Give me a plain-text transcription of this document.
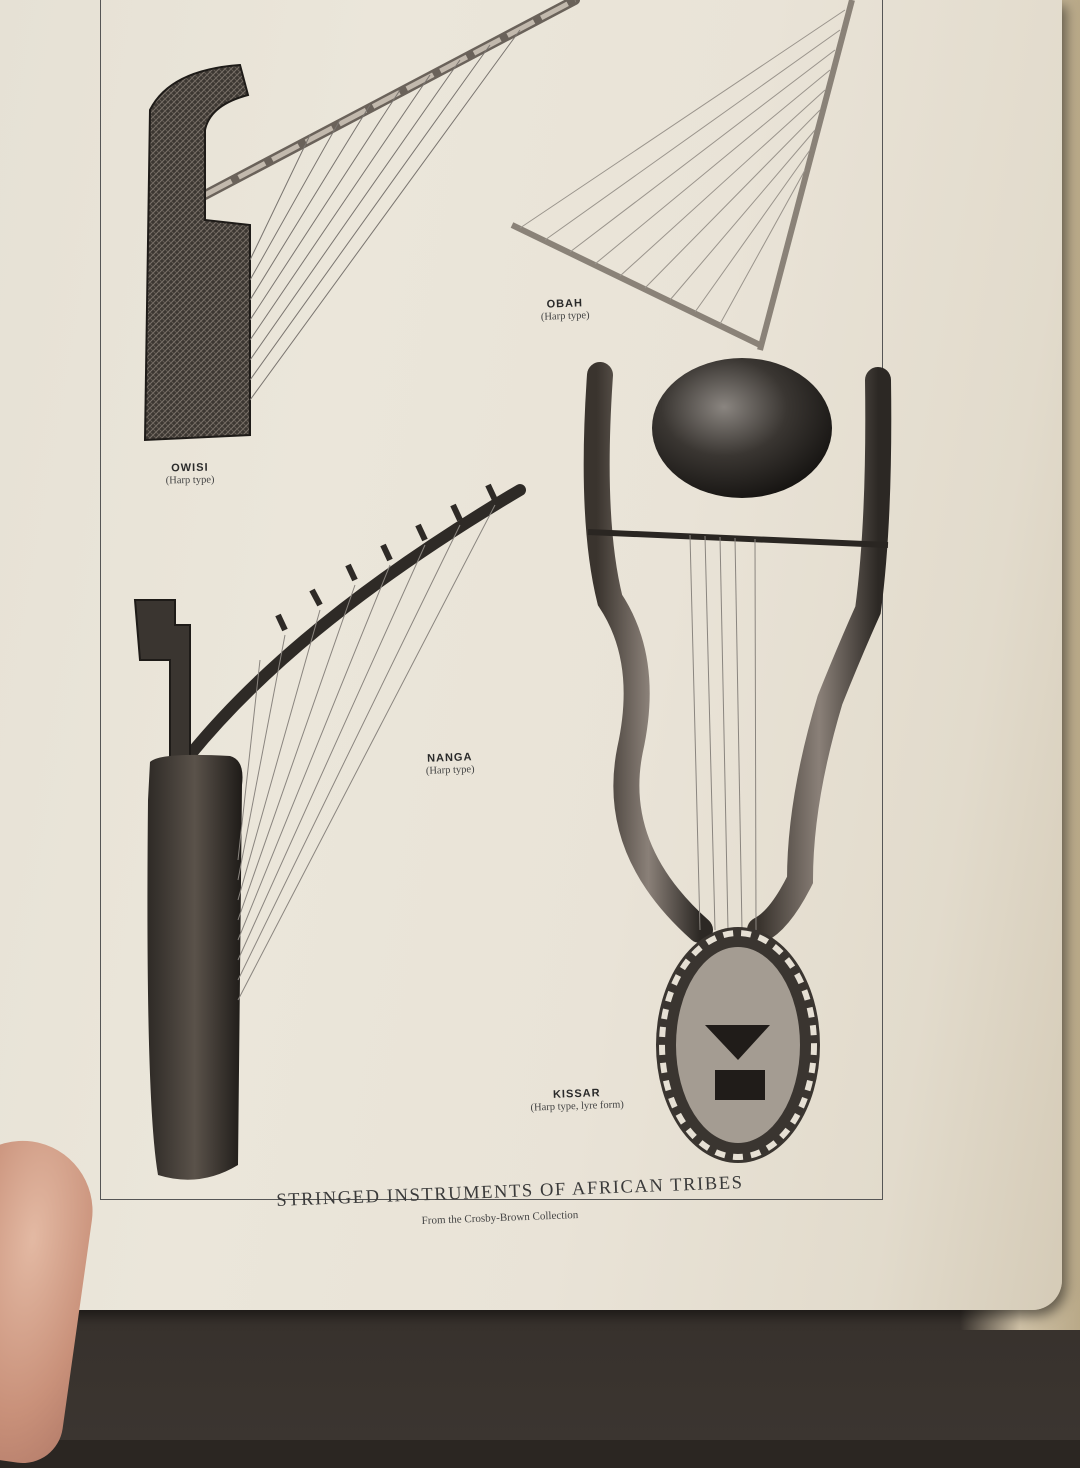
OWISI
(Harp type)
OBAH
(Harp type)
NANGA
(Harp type)
KISSAR
(Harp type, lyre form)
STRINGED INSTRUMENTS OF AFRICAN TRIBES
From the Crosby-Brown Collection
